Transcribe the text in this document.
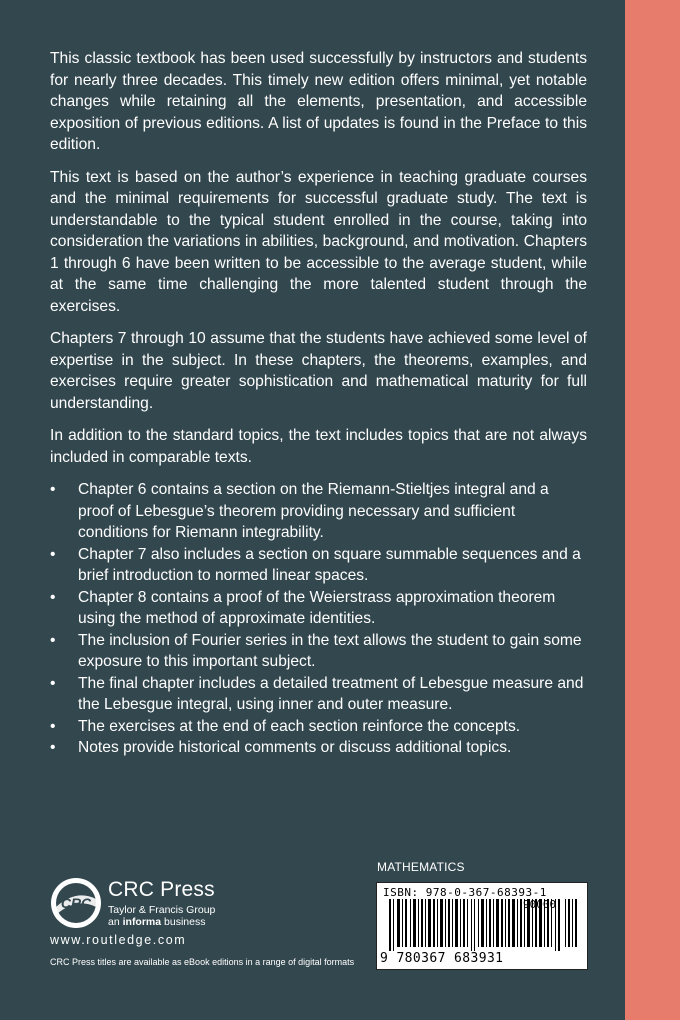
This classic textbook has been used successfully by instructors and students for nearly three decades. This timely new edition offers minimal, yet notable changes while retaining all the elements, presentation, and accessible exposition of previous editions. A list of updates is found in the Preface to this edition.

This text is based on the author’s experience in teaching graduate courses and the minimal requirements for successful graduate study. The text is understandable to the typical student enrolled in the course, taking into consideration the variations in abilities, background, and motivation. Chapters 1 through 6 have been written to be accessible to the average student, while at the same time challenging the more talented student through the exercises.

Chapters 7 through 10 assume that the students have achieved some level of expertise in the subject. In these chapters, the theorems, examples, and exercises require greater sophistication and mathematical maturity for full understanding.

In addition to the standard topics, the text includes topics that are not always included in comparable texts.

• Chapter 6 contains a section on the Riemann-Stieltjes integral and a proof of Lebesgue’s theorem providing necessary and sufficient conditions for Riemann integrability.
• Chapter 7 also includes a section on square summable sequences and a brief introduction to normed linear spaces.
• Chapter 8 contains a proof of the Weierstrass approximation theorem using the method of approximate identities.
• The inclusion of Fourier series in the text allows the student to gain some exposure to this important subject.
• The final chapter includes a detailed treatment of Lebesgue measure and the Lebesgue integral, using inner and outer measure.
• The exercises at the end of each section reinforce the concepts.
• Notes provide historical comments or discuss additional topics.
CRC
CRC Press
Taylor & Francis Group
an informa business
www.routledge.com
CRC Press titles are available as eBook editions in a range of digital formats
MATHEMATICS
ISBN: 978-0-367-68393-1
9 780367 683931
